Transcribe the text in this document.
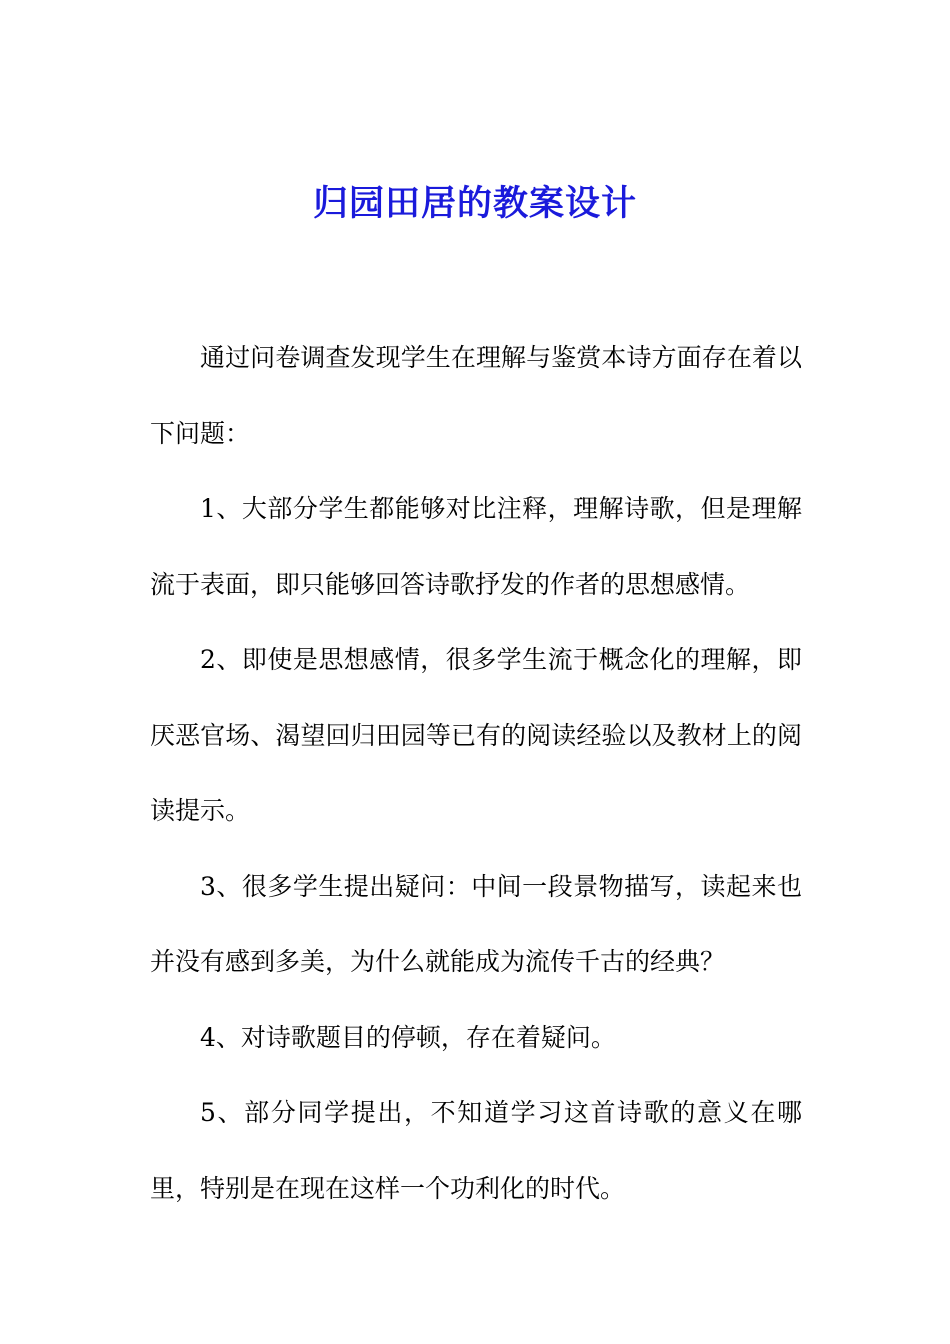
归园田居的教案设计

通过问卷调查发现学生在理解与鉴赏本诗方面存在着以下问题：

1、大部分学生都能够对比注释，理解诗歌，但是理解流于表面，即只能够回答诗歌抒发的作者的思想感情。

2、即使是思想感情，很多学生流于概念化的理解，即厌恶官场、渴望回归田园等已有的阅读经验以及教材上的阅读提示。

3、很多学生提出疑问：中间一段景物描写，读起来也并没有感到多美，为什么就能成为流传千古的经典？

4、对诗歌题目的停顿，存在着疑问。

5、部分同学提出，不知道学习这首诗歌的意义在哪里，特别是在现在这样一个功利化的时代。
